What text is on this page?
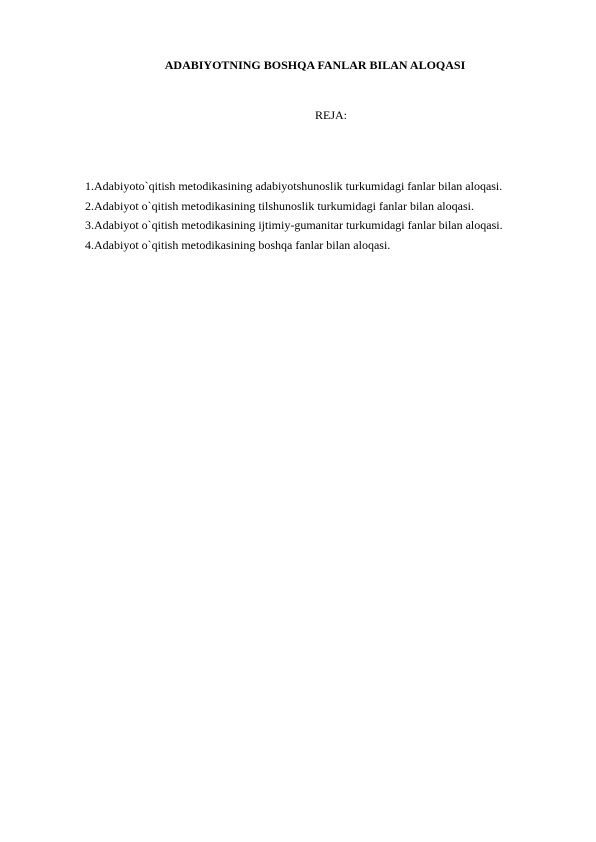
ADABIYOTNING BOSHQA FANLAR BILAN ALOQASI
REJA:
1.Adabiyoto`qitish metodikasining adabiyotshunoslik turkumidagi fanlar bilan aloqasi.
2.Adabiyot o`qitish metodikasining tilshunoslik turkumidagi fanlar bilan aloqasi.
3.Adabiyot o`qitish metodikasining ijtimiy-gumanitar turkumidagi fanlar bilan aloqasi.
4.Adabiyot o`qitish metodikasining boshqa fanlar bilan aloqasi.
